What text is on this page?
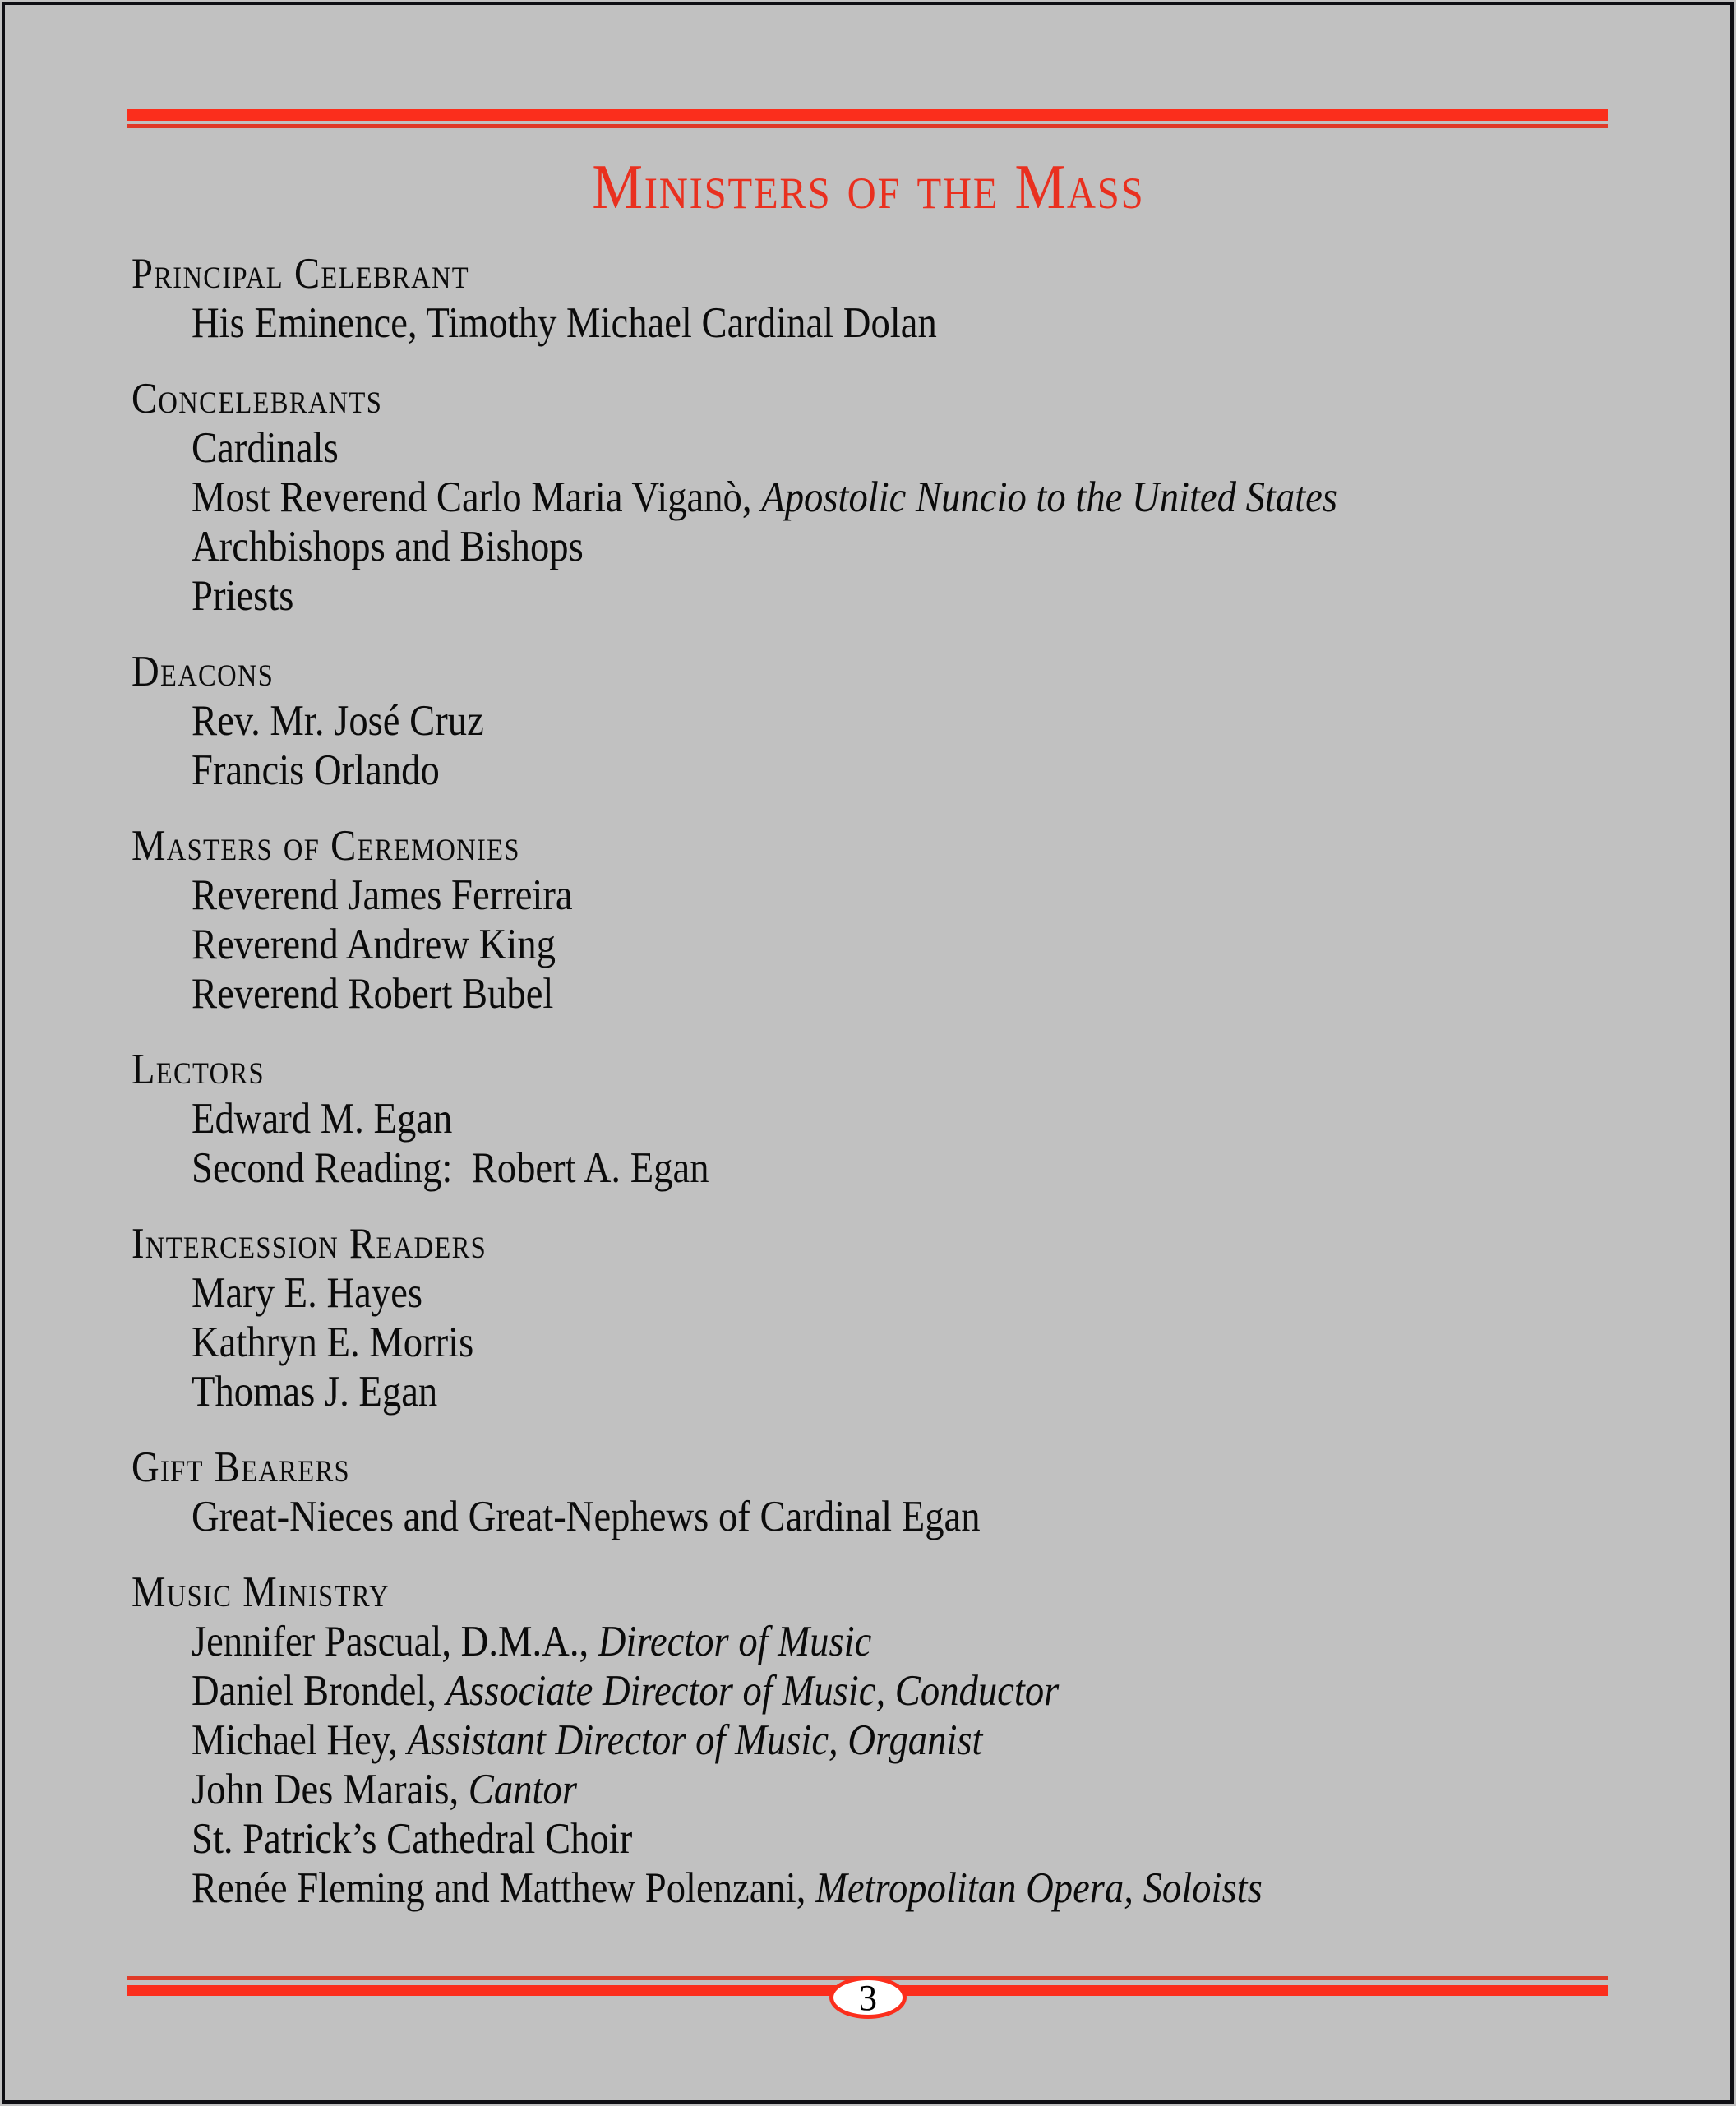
Ministers of the Mass
Principal Celebrant
His Eminence, Timothy Michael Cardinal Dolan
Concelebrants
Cardinals
Most Reverend Carlo Maria Viganò, Apostolic Nuncio to the United States
Archbishops and Bishops
Priests
Deacons
Rev. Mr. José Cruz
Francis Orlando
Masters of Ceremonies
Reverend James Ferreira
Reverend Andrew King
Reverend Robert Bubel
Lectors
Edward M. Egan
Second Reading:  Robert A. Egan
Intercession Readers
Mary E. Hayes
Kathryn E. Morris
Thomas J. Egan
Gift Bearers
Great-Nieces and Great-Nephews of Cardinal Egan
Music Ministry
Jennifer Pascual, D.M.A., Director of Music
Daniel Brondel, Associate Director of Music, Conductor
Michael Hey, Assistant Director of Music, Organist
John Des Marais, Cantor
St. Patrick’s Cathedral Choir
Renée Fleming and Matthew Polenzani, Metropolitan Opera, Soloists
3
